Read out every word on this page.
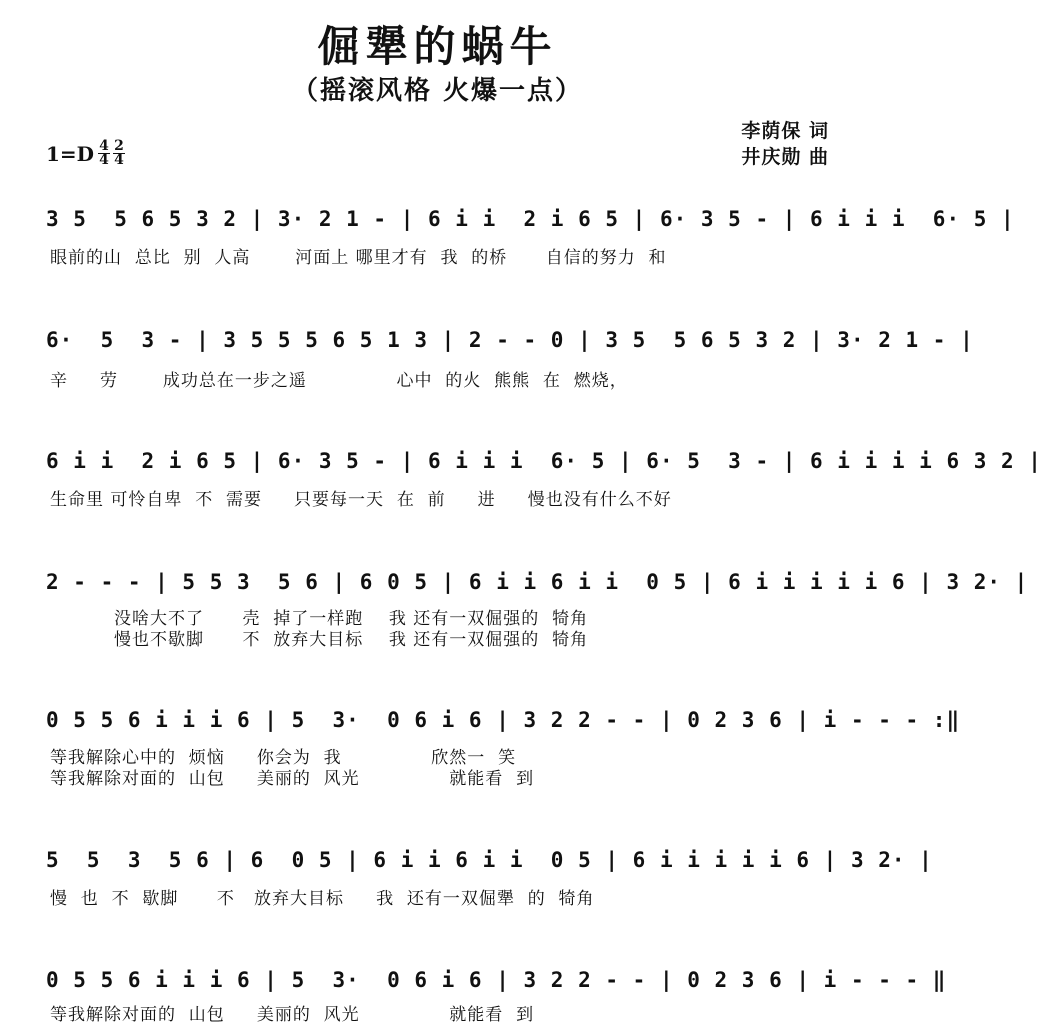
倔犟的蜗牛
（摇滚风格 火爆一点）
李荫保 词
井庆勋 曲
$1=D \frac{4}{4} \frac{2}{4}$
3 5  5 6 5 3 2 | 3· 2 1 - | 6 i i  2 i 6 5 | 6· 3 5 - | 6 i i i  6· 5 |
眼前的山  总比  别  人高       河面上 哪里才有  我  的桥      自信的努力  和
6·  5  3 - | 3 5 5 5 6 5 1 3 | 2 - - 0 | 3 5  5 6 5 3 2 | 3· 2 1 - |
辛     劳       成功总在一步之遥              心中  的火  熊熊  在  燃烧，
6 i i  2 i 6 5 | 6· 3 5 - | 6 i i i  6· 5 | 6· 5  3 - | 6 i i i i 6 3 2 |
生命里 可怜自卑  不  需要     只要每一天  在  前     进     慢也没有什么不好
2 - - - | 5 5 3  5 6 | 6 0 5 | 6 i i 6 i i  0 5 | 6 i i i i i 6 | 3 2· |
没啥大不了      壳  掉了一样跑    我 还有一双倔强的  犄角
慢也不歇脚      不  放弃大目标    我 还有一双倔强的  犄角
0 5 5 6 i i i 6 | 5  3·  0 6 i 6 | 3 2 2 - - | 0 2 3 6 | i - - - :‖
等我解除心中的  烦恼     你会为  我              欣然一  笑
等我解除对面的  山包     美丽的  风光              就能看  到
5  5  3  5 6 | 6  0 5 | 6 i i 6 i i  0 5 | 6 i i i i i 6 | 3 2· |
慢  也  不  歇脚      不   放弃大目标     我  还有一双倔犟  的  犄角
0 5 5 6 i i i 6 | 5  3·  0 6 i 6 | 3 2 2 - - | 0 2 3 6 | i - - - ‖
等我解除对面的  山包     美丽的  风光              就能看  到
